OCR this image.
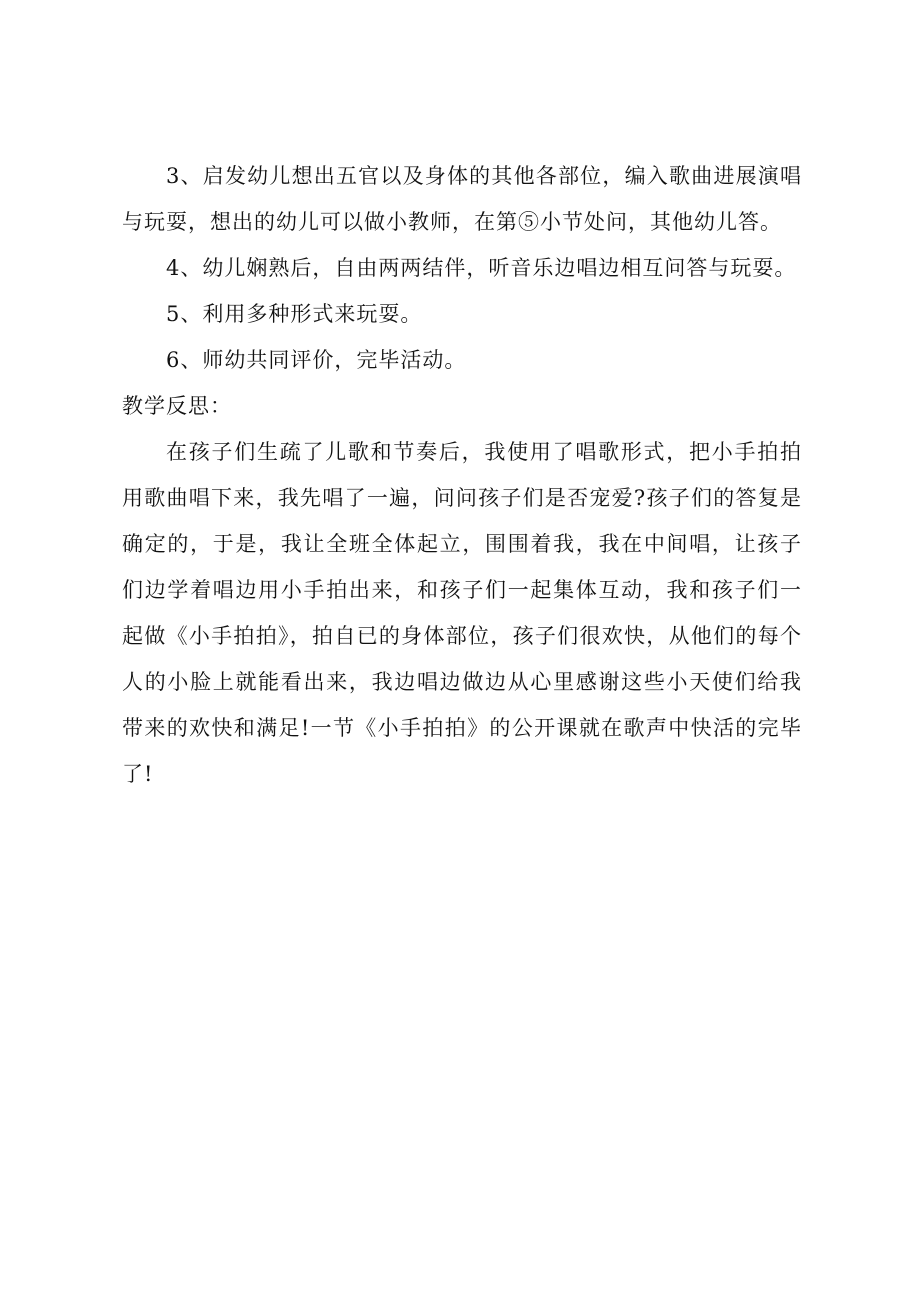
3、启发幼儿想出五官以及身体的其他各部位，编入歌曲进展演唱与玩耍，想出的幼儿可以做小教师，在第⑤小节处问，其他幼儿答。

4、幼儿娴熟后，自由两两结伴，听音乐边唱边相互问答与玩耍。

5、利用多种形式来玩耍。

6、师幼共同评价，完毕活动。

教学反思：

在孩子们生疏了儿歌和节奏后，我使用了唱歌形式，把小手拍拍用歌曲唱下来，我先唱了一遍，问问孩子们是否宠爱?孩子们的答复是确定的，于是，我让全班全体起立，围围着我，我在中间唱，让孩子们边学着唱边用小手拍出来，和孩子们一起集体互动，我和孩子们一起做《小手拍拍》，拍自已的身体部位，孩子们很欢快，从他们的每个人的小脸上就能看出来，我边唱边做边从心里感谢这些小天使们给我带来的欢快和满足!一节《小手拍拍》的公开课就在歌声中快活的完毕了!
